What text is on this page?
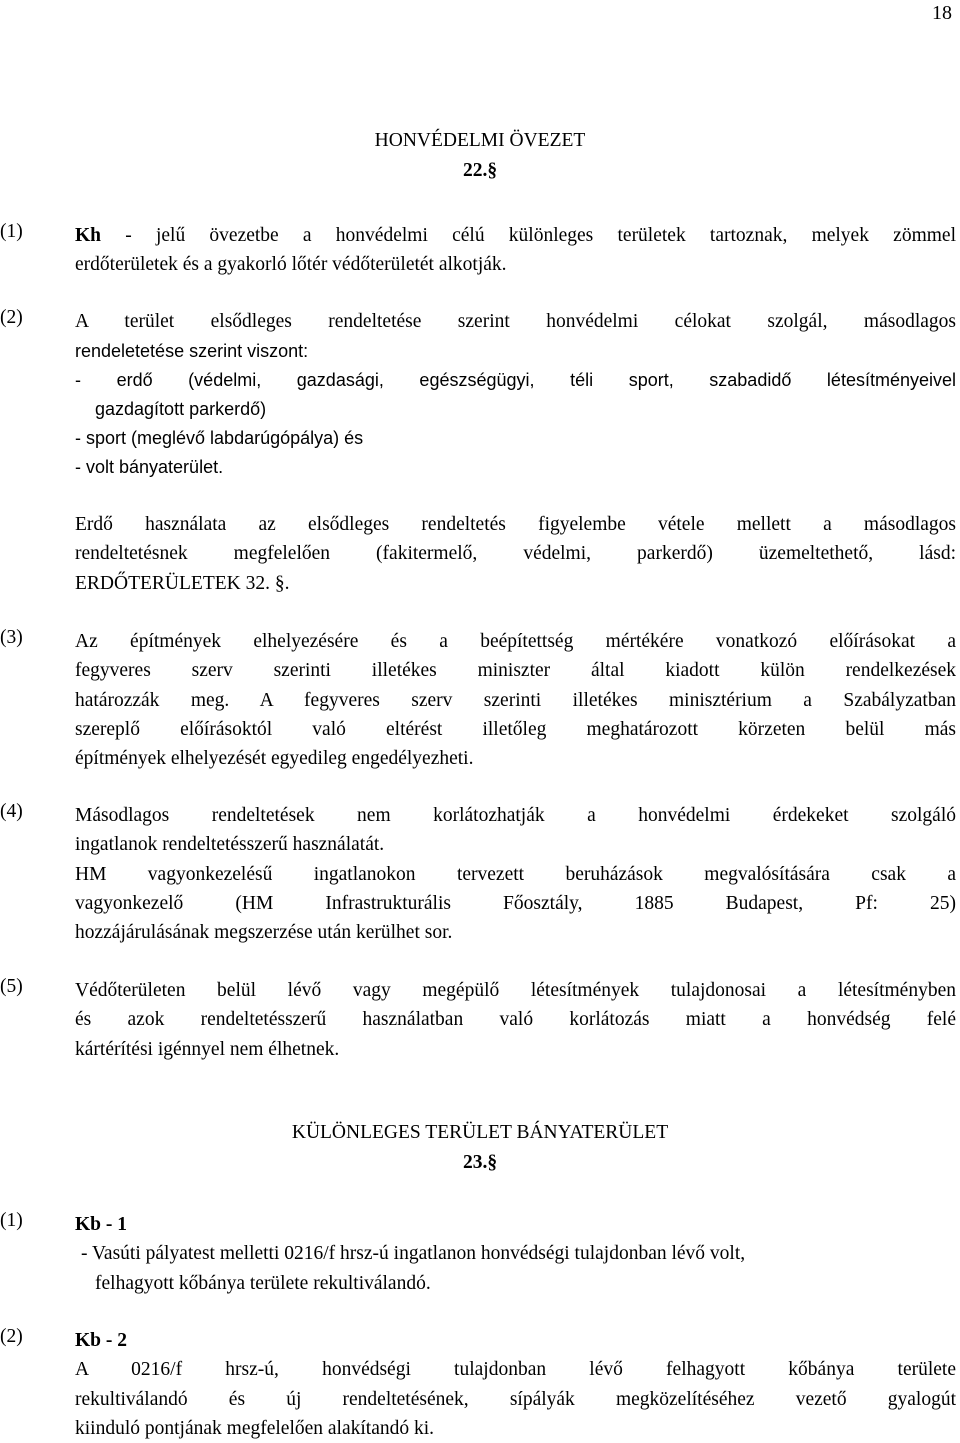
18
HONVÉDELMI ÖVEZET
22.§
(1)	Kh - jelű övezetbe a honvédelmi célú különleges területek tartoznak, melyek zömmel
erdőterületek és a gyakorló lőtér védőterületét alkotják.
(2)	A terület elsődleges rendeltetése szerint honvédelmi célokat szolgál, másodlagos
rendeletetése szerint viszont:
- erdő (védelmi, gazdasági, egészségügyi, téli sport, szabadidő létesítményeivel
gazdagított parkerdő)
- sport (meglévő labdarúgópálya) és
- volt bányaterület.
Erdő használata az elsődleges rendeltetés figyelembe vétele mellett a másodlagos
rendeltetésnek megfelelően (fakitermelő, védelmi, parkerdő) üzemeltethető, lásd:
ERDŐTERÜLETEK 32. §.
(3)	Az építmények elhelyezésére és a beépítettség mértékére vonatkozó előírásokat a
fegyveres szerv szerinti illetékes miniszter által kiadott külön rendelkezések
határozzák meg. A fegyveres szerv szerinti illetékes minisztérium a Szabályzatban
szereplő előírásoktól való eltérést illetőleg meghatározott körzeten belül más
építmények elhelyezését egyedileg engedélyezheti.
(4)	Másodlagos rendeltetések nem korlátozhatják a honvédelmi érdekeket szolgáló
ingatlanok rendeltetésszerű használatát.
HM vagyonkezelésű ingatlanokon tervezett beruházások megvalósítására csak a
vagyonkezelő (HM Infrastrukturális Főosztály, 1885 Budapest, Pf: 25)
hozzájárulásának megszerzése után kerülhet sor.
(5)	Védőterületen belül lévő vagy megépülő létesítmények tulajdonosai a létesítményben
és azok rendeltetésszerű használatban való korlátozás miatt a honvédség felé
kártérítési igénnyel nem élhetnek.
KÜLÖNLEGES TERÜLET BÁNYATERÜLET
23.§
(1)	Kb - 1
- Vasúti pályatest melletti 0216/f hrsz-ú ingatlanon honvédségi tulajdonban lévő volt,
felhagyott kőbánya területe rekultiválandó.
(2)	Kb - 2
A 0216/f hrsz-ú, honvédségi tulajdonban lévő felhagyott kőbánya területe
rekultiválandó és új rendeltetésének, sípályák megközelítéséhez vezető gyalogút
kiinduló pontjának megfelelően alakítandó ki.
